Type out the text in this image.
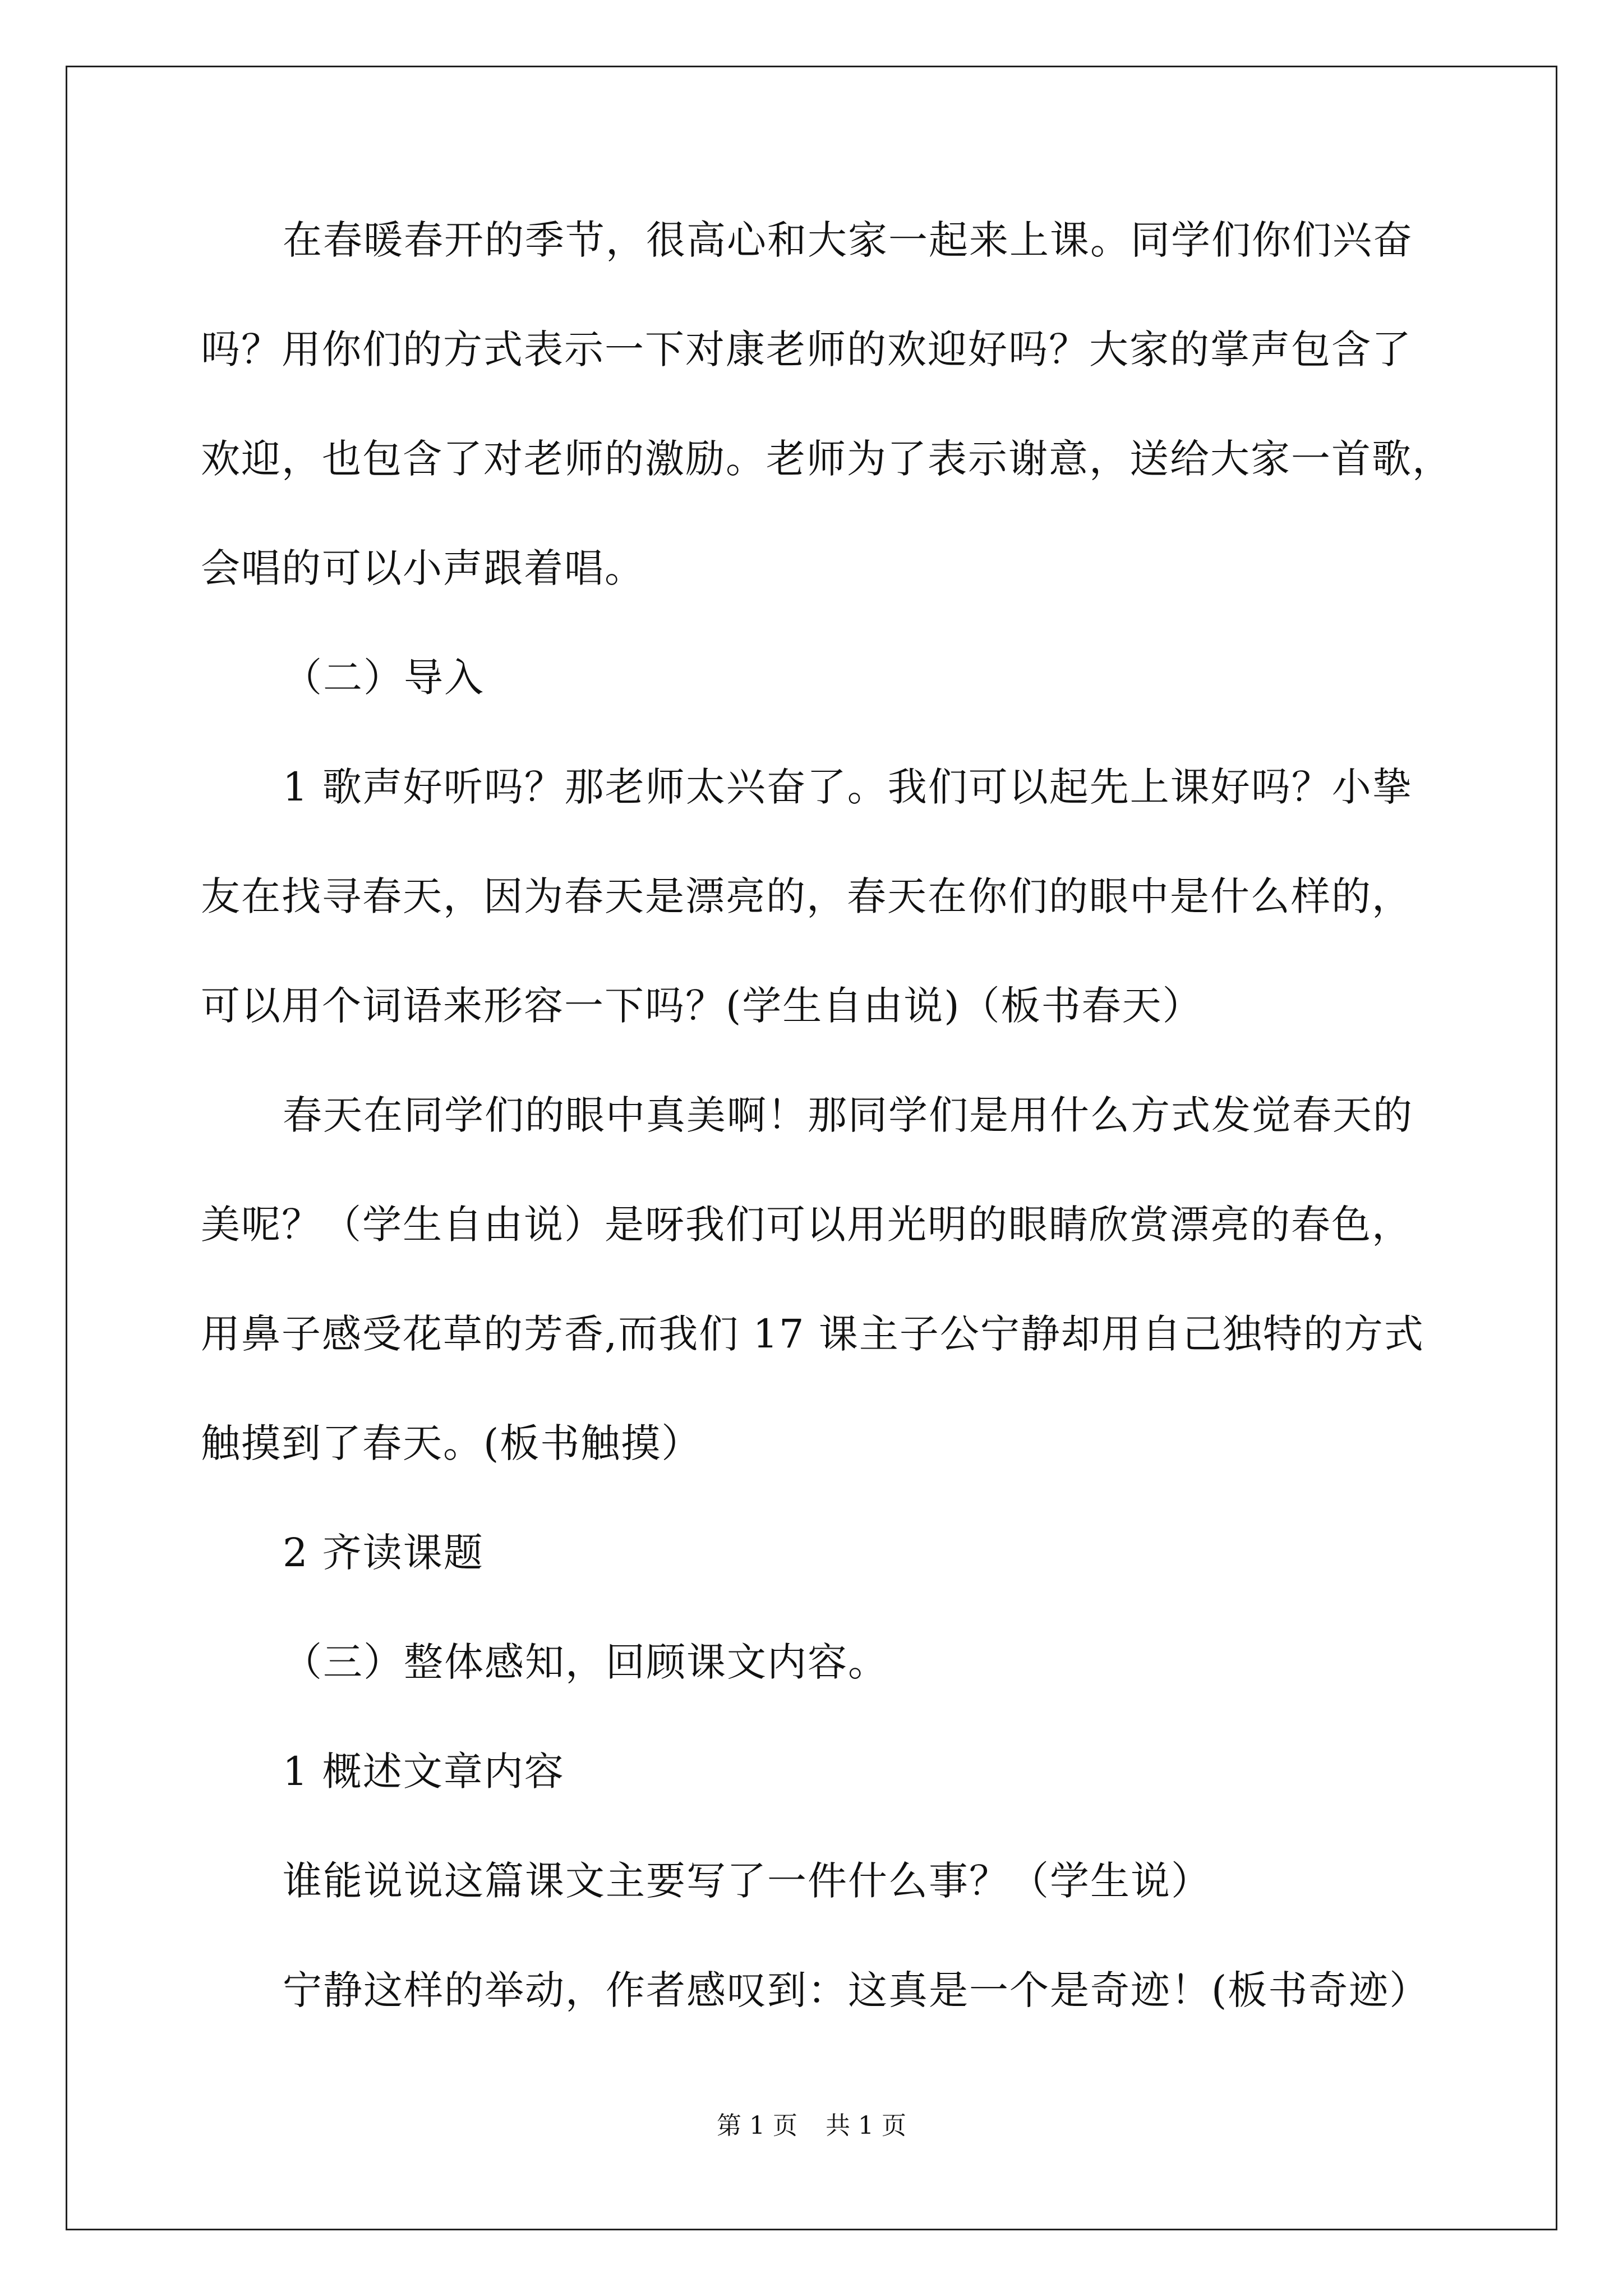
在春暖春开的季节，很高心和大家一起来上课。同学们你们兴奋
吗？用你们的方式表示一下对康老师的欢迎好吗？大家的掌声包含了
欢迎，也包含了对老师的激励。老师为了表示谢意，送给大家一首歌，
会唱的可以小声跟着唱。
（二）导入
1 歌声好听吗？那老师太兴奋了。我们可以起先上课好吗？小挚
友在找寻春天，因为春天是漂亮的，春天在你们的眼中是什么样的，
可以用个词语来形容一下吗？(学生自由说)（板书春天）
春天在同学们的眼中真美啊！那同学们是用什么方式发觉春天的
美呢？（学生自由说）是呀我们可以用光明的眼睛欣赏漂亮的春色，
用鼻子感受花草的芳香,而我们 17 课主子公宁静却用自己独特的方式
触摸到了春天。(板书触摸）
2 齐读课题
（三）整体感知，回顾课文内容。
1 概述文章内容
谁能说说这篇课文主要写了一件什么事？（学生说）
宁静这样的举动，作者感叹到：这真是一个是奇迹！(板书奇迹）
第 1 页 共 1 页
